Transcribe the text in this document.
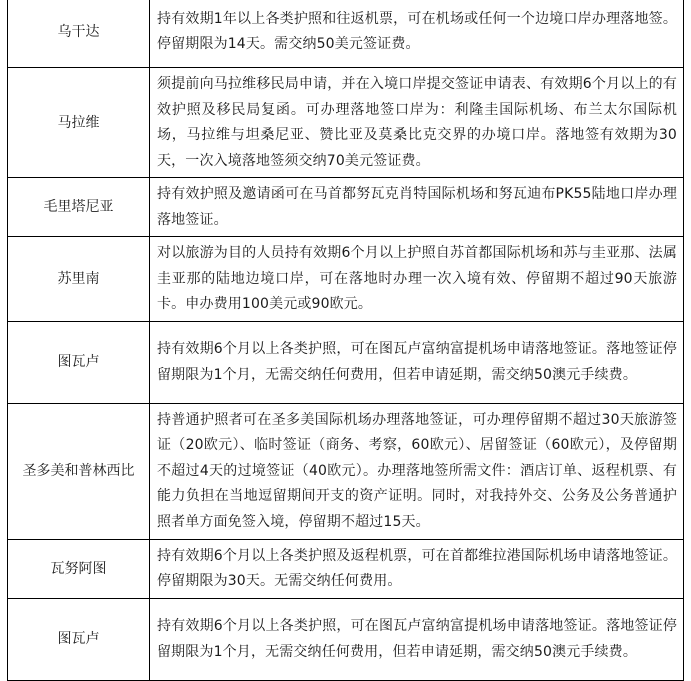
乌干达	持有效期1年以上各类护照和往返机票，可在机场或任何一个边境口岸办理落地签。停留期限为14天。需交纳50美元签证费。
马拉维	须提前向马拉维移民局申请，并在入境口岸提交签证申请表、有效期6个月以上的有效护照及移民局复函。可办理落地签口岸为：利隆圭国际机场、布兰太尔国际机场，马拉维与坦桑尼亚、赞比亚及莫桑比克交界的办境口岸。落地签有效期为30天，一次入境落地签须交纳70美元签证费。
毛里塔尼亚	持有效护照及邀请函可在马首都努瓦克肖特国际机场和努瓦迪布PK55陆地口岸办理落地签证。
苏里南	对以旅游为目的人员持有效期6个月以上护照自苏首都国际机场和苏与圭亚那、法属圭亚那的陆地边境口岸，可在落地时办理一次入境有效、停留期不超过90天旅游卡。申办费用100美元或90欧元。
图瓦卢	持有效期6个月以上各类护照，可在图瓦卢富纳富提机场申请落地签证。落地签证停留期限为1个月，无需交纳任何费用，但若申请延期，需交纳50澳元手续费。
圣多美和普林西比	持普通护照者可在圣多美国际机场办理落地签证，可办理停留期不超过30天旅游签证（20欧元）、临时签证（商务、考察，60欧元）、居留签证（60欧元），及停留期不超过4天的过境签证（40欧元）。办理落地签所需文件：酒店订单、返程机票、有能力负担在当地逗留期间开支的资产证明。同时，对我持外交、公务及公务普通护照者单方面免签入境，停留期不超过15天。
瓦努阿图	持有效期6个月以上各类护照及返程机票，可在首都维拉港国际机场申请落地签证。停留期限为30天。无需交纳任何费用。
图瓦卢	持有效期6个月以上各类护照，可在图瓦卢富纳富提机场申请落地签证。落地签证停留期限为1个月，无需交纳任何费用，但若申请延期，需交纳50澳元手续费。
